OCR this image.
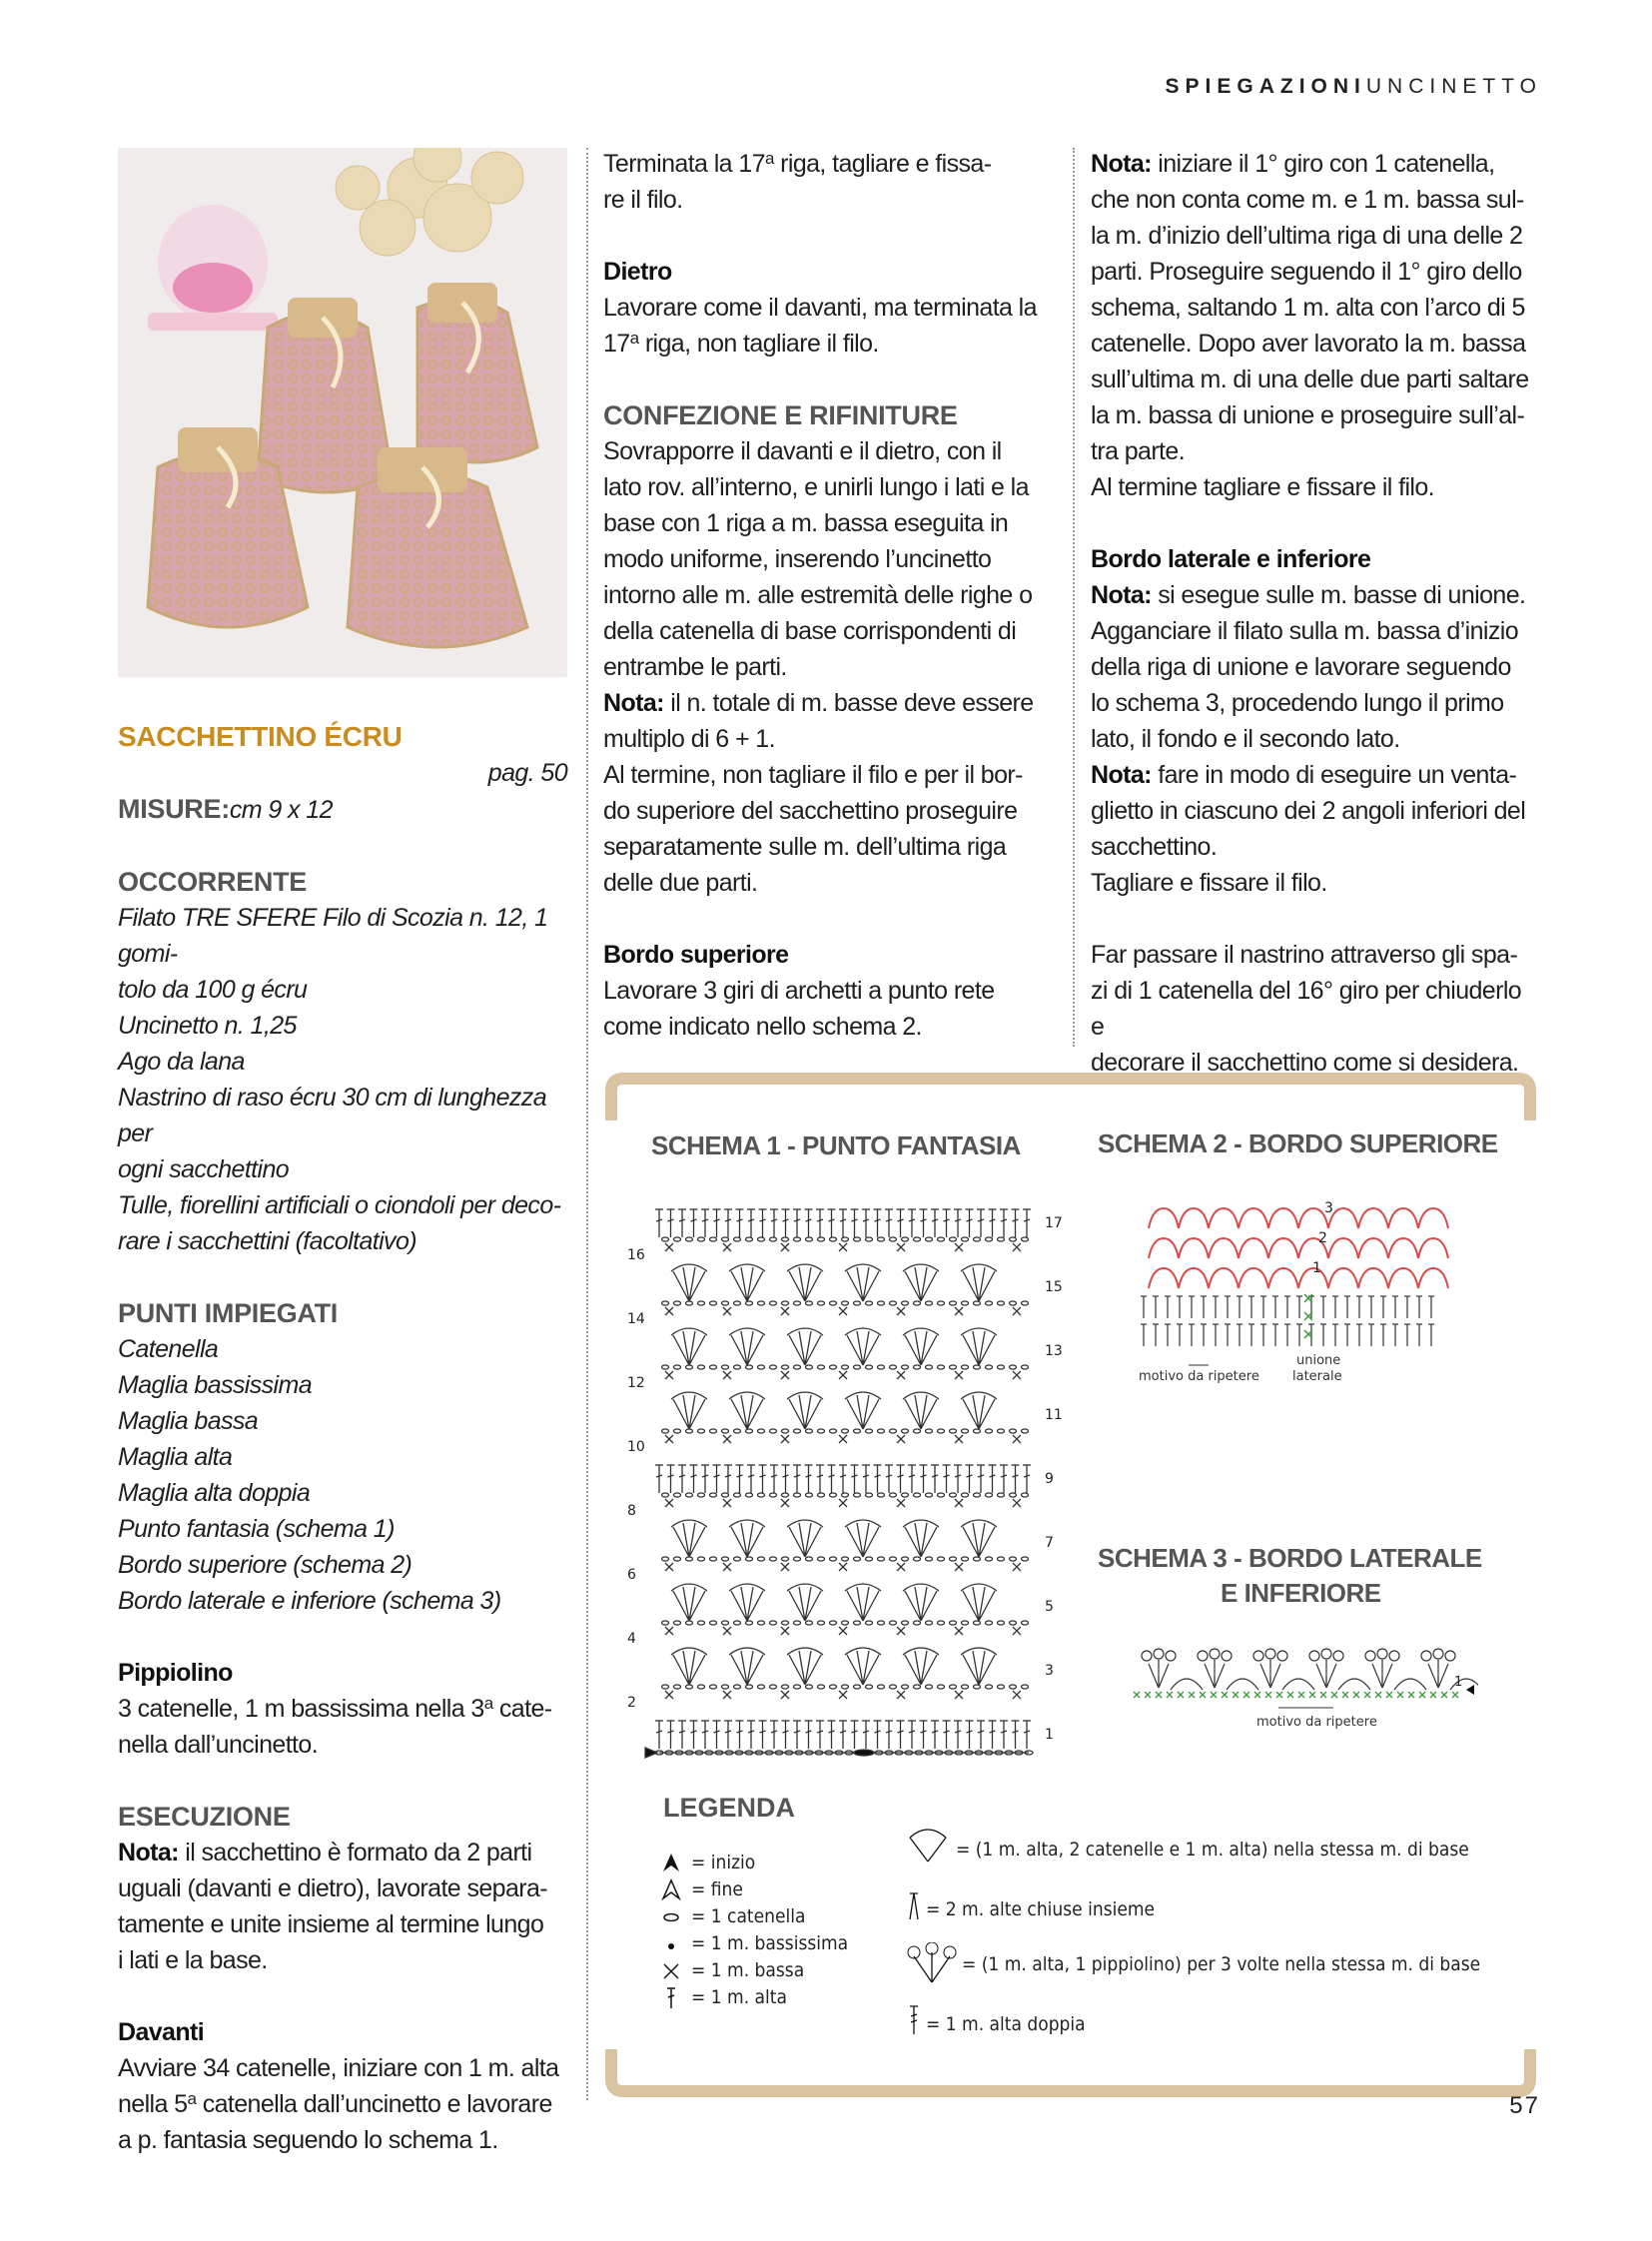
SPIEGAZIONIUNCINETTO
SACCHETTINO ÉCRU
pag. 50
MISURE:cm 9 x 12
OCCORRENTE
Filato TRE SFERE Filo di Scozia n. 12, 1 gomi-
tolo da 100 g écru
Uncinetto n. 1,25
Ago da lana
Nastrino di raso écru 30 cm di lunghezza per
ogni sacchettino
Tulle, fiorellini artificiali o ciondoli per deco-
rare i sacchettini (facoltativo)
PUNTI IMPIEGATI
Catenella
Maglia bassissima
Maglia bassa
Maglia alta
Maglia alta doppia
Punto fantasia (schema 1)
Bordo superiore (schema 2)
Bordo laterale e inferiore (schema 3)
Pippiolino
3 catenelle, 1 m bassissima nella 3$^a$ cate-
nella dall’uncinetto.
ESECUZIONE
Nota: il sacchettino è formato da 2 parti
uguali (davanti e dietro), lavorate separa-
tamente e unite insieme al termine lungo
i lati e la base.
Davanti
Avviare 34 catenelle, iniziare con 1 m. alta
nella 5$^a$ catenella dall’uncinetto e lavorare
a p. fantasia seguendo lo schema 1.
Terminata la 17$^a$ riga, tagliare e fissa-
re il filo.
Dietro
Lavorare come il davanti, ma terminata la
17$^a$ riga, non tagliare il filo.
CONFEZIONE E RIFINITURE
Sovrapporre il davanti e il dietro, con il
lato rov. all’interno, e unirli lungo i lati e la
base con 1 riga a m. bassa eseguita in
modo uniforme, inserendo l’uncinetto
intorno alle m. alle estremità delle righe o
della catenella di base corrispondenti di
entrambe le parti.
Nota: il n. totale di m. basse deve essere
multiplo di 6 + 1.
Al termine, non tagliare il filo e per il bor-
do superiore del sacchettino proseguire
separatamente sulle m. dell’ultima riga
delle due parti.
Bordo superiore
Lavorare 3 giri di archetti a punto rete
come indicato nello schema 2.
Nota: iniziare il 1° giro con 1 catenella,
che non conta come m. e 1 m. bassa sul-
la m. d’inizio dell’ultima riga di una delle 2
parti. Proseguire seguendo il 1° giro dello
schema, saltando 1 m. alta con l’arco di 5
catenelle. Dopo aver lavorato la m. bassa
sull’ultima m. di una delle due parti saltare
la m. bassa di unione e proseguire sull’al-
tra parte.
Al termine tagliare e fissare il filo.
Bordo laterale e inferiore
Nota: si esegue sulle m. basse di unione.
Agganciare il filato sulla m. bassa d’inizio
della riga di unione e lavorare seguendo
lo schema 3, procedendo lungo il primo
lato, il fondo e il secondo lato.
Nota: fare in modo di eseguire un venta-
glietto in ciascuno dei 2 angoli inferiori del
sacchettino.
Tagliare e fissare il filo.
Far passare il nastrino attraverso gli spa-
zi di 1 catenella del 16° giro per chiuderlo e
decorare il sacchettino come si desidera.
SCHEMA 1 - PUNTO FANTASIA	SCHEMA 2 - BORDO SUPERIORE
SCHEMA 3 - BORDO LATERALE
E INFERIORE
17
15
13
11
9
7
5
3
1
16
14
12
10
8
6
4
2
3
2
1
motivo da ripetere
unione
laterale
1
motivo da ripetere
LEGENDA
= inizio
= fine
= 1 catenella
= 1 m. bassissima
= 1 m. bassa
= 1 m. alta
= (1 m. alta, 2 catenelle e 1 m. alta) nella stessa m. di base
= 2 m. alte chiuse insieme
= (1 m. alta, 1 pippiolino) per 3 volte nella stessa m. di base
= 1 m. alta doppia
57
